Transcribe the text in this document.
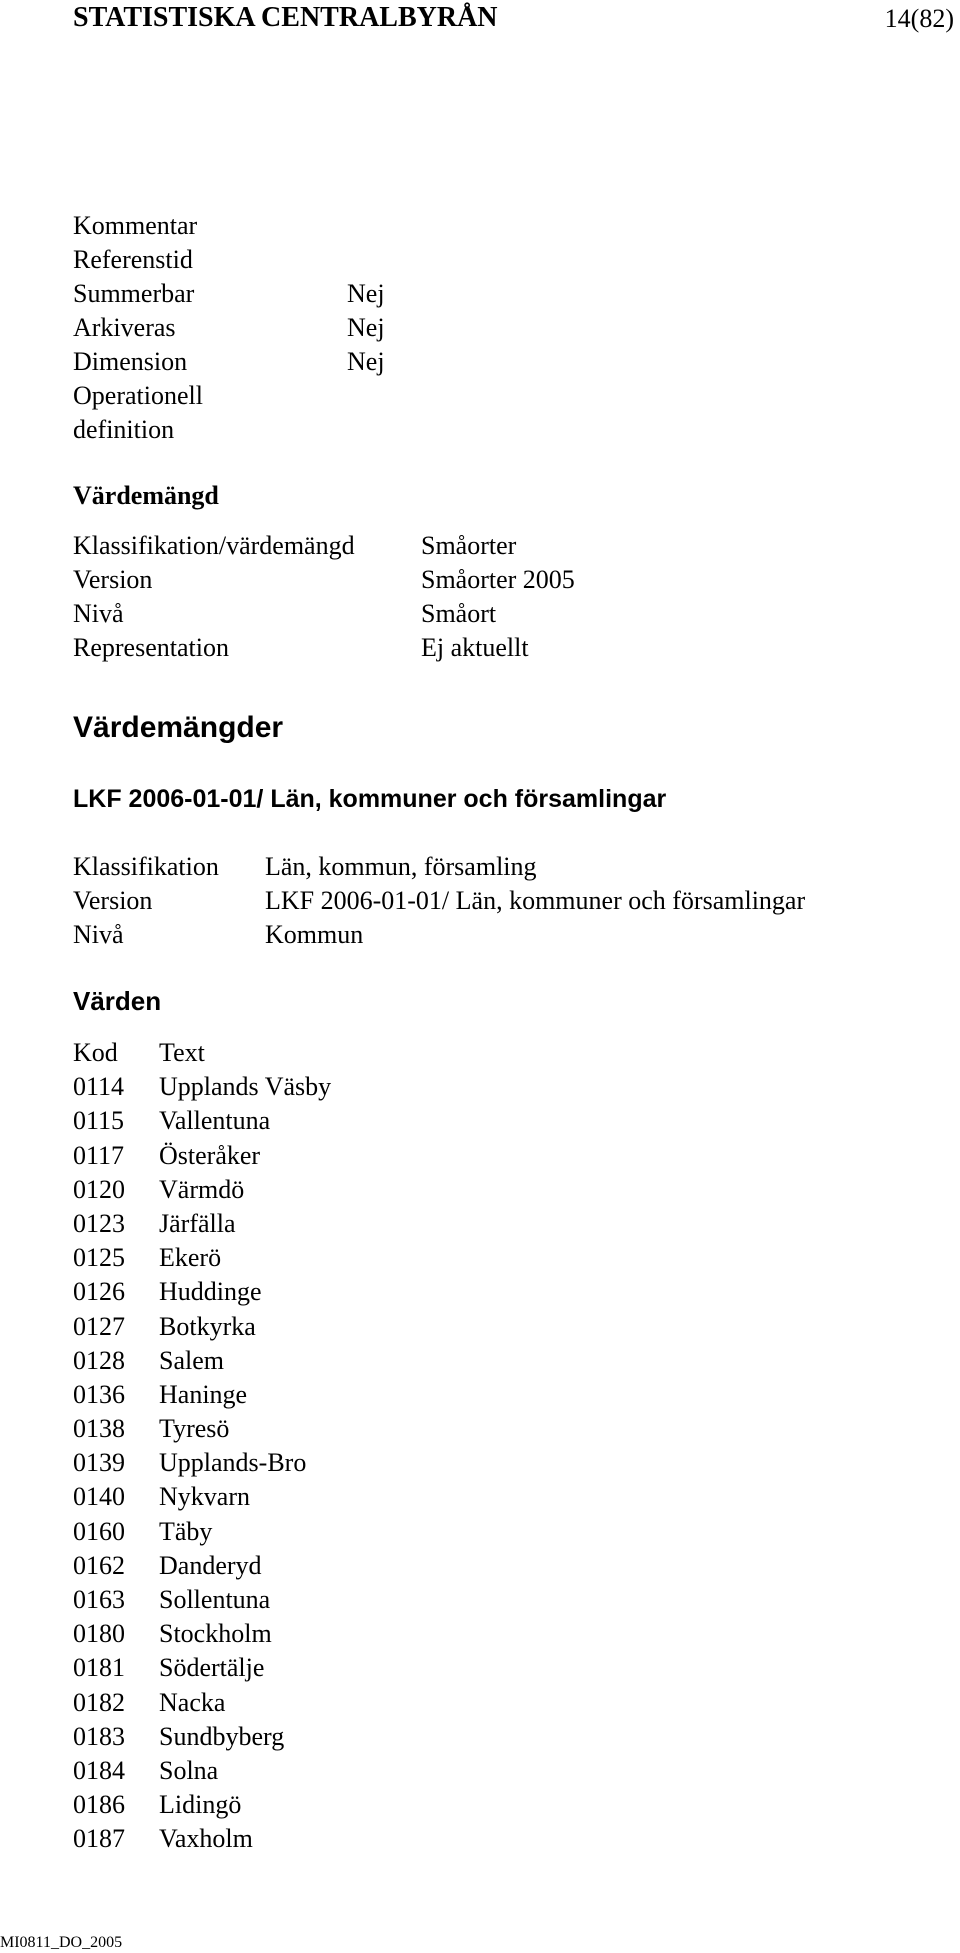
STATISTISKA CENTRALBYRÅN	14(82)
Kommentar
Referenstid
Summerbar	Nej
Arkiveras	Nej
Dimension	Nej
Operationell
definition
Värdemängd
Klassifikation/värdemängd	Småorter
Version	Småorter 2005
Nivå	Småort
Representation	Ej aktuellt
Värdemängder
LKF 2006-01-01/ Län, kommuner och församlingar
Klassifikation Län, kommun, församling
Version	LKF 2006-01-01/ Län, kommuner och församlingar
Nivå	Kommun
Värden
Kod Text
0114 Upplands Väsby
0115 Vallentuna
0117 Österåker
0120 Värmdö
0123 Järfälla
0125 Ekerö
0126 Huddinge
0127 Botkyrka
0128 Salem
0136 Haninge
0138 Tyresö
0139 Upplands-Bro
0140 Nykvarn
0160 Täby
0162 Danderyd
0163 Sollentuna
0180 Stockholm
0181 Södertälje
0182 Nacka
0183 Sundbyberg
0184 Solna
0186 Lidingö
0187 Vaxholm
MI0811_DO_2005
